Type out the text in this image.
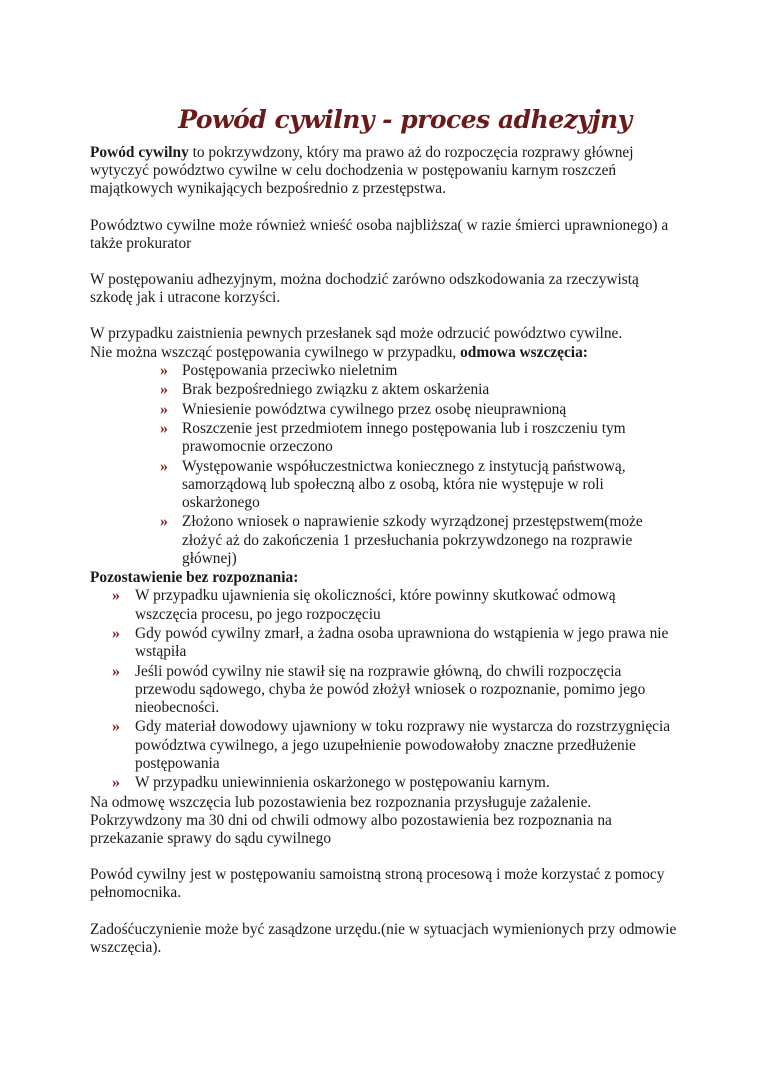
Powód cywilny - proces adhezyjny

Powód cywilny to pokrzywdzony, który ma prawo aż do rozpoczęcia rozprawy głównej wytyczyć powództwo cywilne w celu dochodzenia w postępowaniu karnym roszczeń majątkowych wynikających bezpośrednio z przestępstwa.

Powództwo cywilne może również wnieść osoba najbliższa( w razie śmierci uprawnionego) a także prokurator

W postępowaniu adhezyjnym, można dochodzić zarówno odszkodowania za rzeczywistą szkodę jak i utracone korzyści.

W przypadku zaistnienia pewnych przesłanek sąd może odrzucić powództwo cywilne.
Nie można wszcząć postępowania cywilnego w przypadku, odmowa wszczęcia:

» Postępowania przeciwko nieletnim
» Brak bezpośredniego związku z aktem oskarżenia
» Wniesienie powództwa cywilnego przez osobę nieuprawnioną
» Roszczenie jest przedmiotem innego postępowania lub i roszczeniu tym prawomocnie orzeczono
» Występowanie współuczestnictwa koniecznego z instytucją państwową, samorządową lub społeczną albo z osobą, która nie występuje w roli oskarżonego
» Złożono wniosek o naprawienie szkody wyrządzonej przestępstwem(może złożyć aż do zakończenia 1 przesłuchania pokrzywdzonego na rozprawie głównej)

Pozostawienie bez rozpoznania:

» W przypadku ujawnienia się okoliczności, które powinny skutkować odmową wszczęcia procesu, po jego rozpoczęciu
» Gdy powód cywilny zmarł, a żadna osoba uprawniona do wstąpienia w jego prawa nie wstąpiła
» Jeśli powód cywilny nie stawił się na rozprawie główną, do chwili rozpoczęcia przewodu sądowego, chyba że powód złożył wniosek o rozpoznanie, pomimo jego nieobecności.
» Gdy materiał dowodowy ujawniony w toku rozprawy nie wystarcza do rozstrzygnięcia powództwa cywilnego, a jego uzupełnienie powodowałoby znaczne przedłużenie postępowania
» W przypadku uniewinnienia oskarżonego w postępowaniu karnym.

Na odmowę wszczęcia lub pozostawienia bez rozpoznania przysługuje zażalenie.
Pokrzywdzony ma 30 dni od chwili odmowy albo pozostawienia bez rozpoznania na przekazanie sprawy do sądu cywilnego

Powód cywilny jest w postępowaniu samoistną stroną procesową i może korzystać z pomocy pełnomocnika.

Zadośćuczynienie może być zasądzone urzędu.(nie w sytuacjach wymienionych przy odmowie wszczęcia).
